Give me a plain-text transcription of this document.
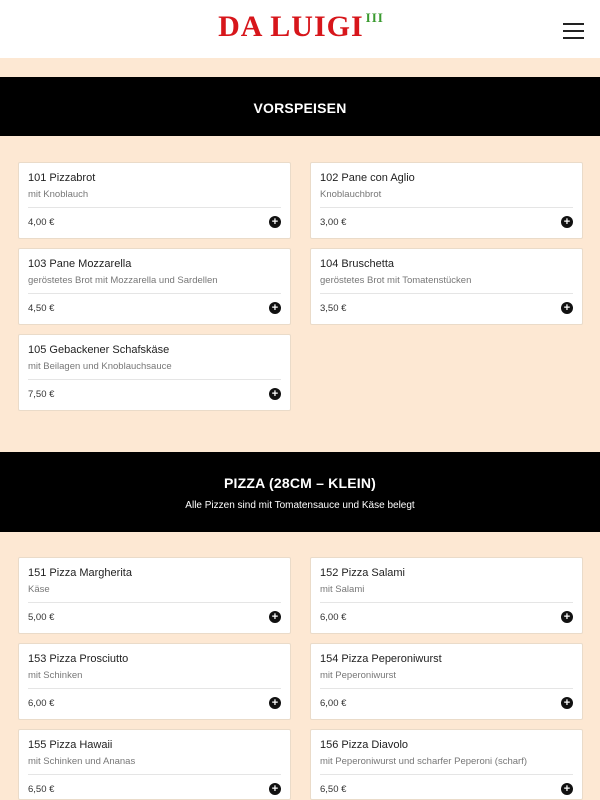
DA LUIGI $^{III}$
VORSPEISEN
101 Pizzabrot
mit Knoblauch
4,00 €	+
102 Pane con Aglio
Knoblauchbrot
3,00 €	+
103 Pane Mozzarella
geröstetes Brot mit Mozzarella und Sardellen
4,50 €	+
104 Bruschetta
geröstetes Brot mit Tomatenstücken
3,50 €	+
105 Gebackener Schafskäse
mit Beilagen und Knoblauchsauce
7,50 €	+
PIZZA (28CM – KLEIN)
Alle Pizzen sind mit Tomatensauce und Käse belegt
151 Pizza Margherita
Käse
5,00 €	+
152 Pizza Salami
mit Salami
6,00 €	+
153 Pizza Prosciutto
mit Schinken
6,00 €	+
154 Pizza Peperoniwurst
mit Peperoniwurst
6,00 €	+
155 Pizza Hawaii
mit Schinken und Ananas
6,50 €	+
156 Pizza Diavolo
mit Peperoniwurst und scharfer Peperoni (scharf)
6,50 €	+
